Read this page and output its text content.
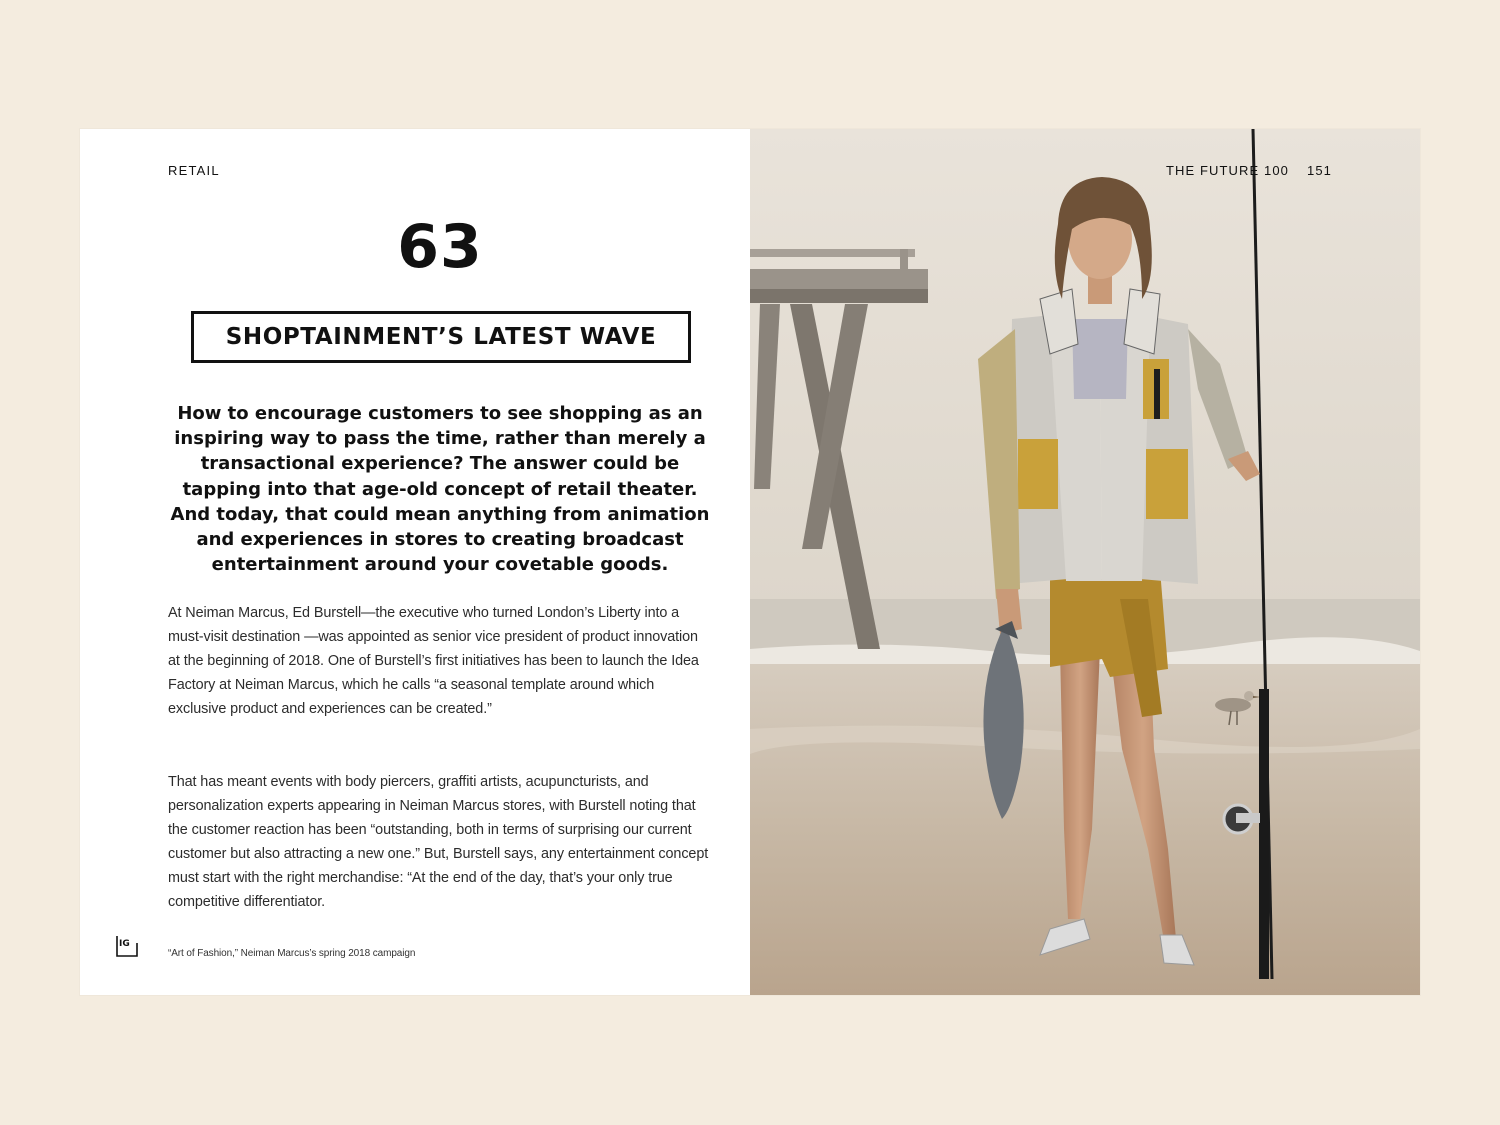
RETAIL
63
SHOPTAINMENT’S LATEST WAVE

How to encourage customers to see shopping as an inspiring way to pass the time, rather than merely a transactional experience? The answer could be tapping into that age-old concept of retail theater. And today, that could mean anything from animation and experiences in stores to creating broadcast entertainment around your covetable goods.

At Neiman Marcus, Ed Burstell—the executive who turned London’s Liberty into a must-visit destination —was appointed as senior vice president of product innovation at the beginning of 2018. One of Burstell’s first initiatives has been to launch the Idea Factory at Neiman Marcus, which he calls “a seasonal template around which exclusive product and experiences can be created.”

That has meant events with body piercers, graffiti artists, acupuncturists, and personalization experts appearing in Neiman Marcus stores, with Burstell noting that the customer reaction has been “outstanding, both in terms of surprising our current customer but also attracting a new one.” But, Burstell says, any entertainment concept must start with the right merchandise: “At the end of the day, that’s your only true competitive differentiator.

IG
“Art of Fashion,” Neiman Marcus’s spring 2018 campaign
THE FUTURE 100 151
